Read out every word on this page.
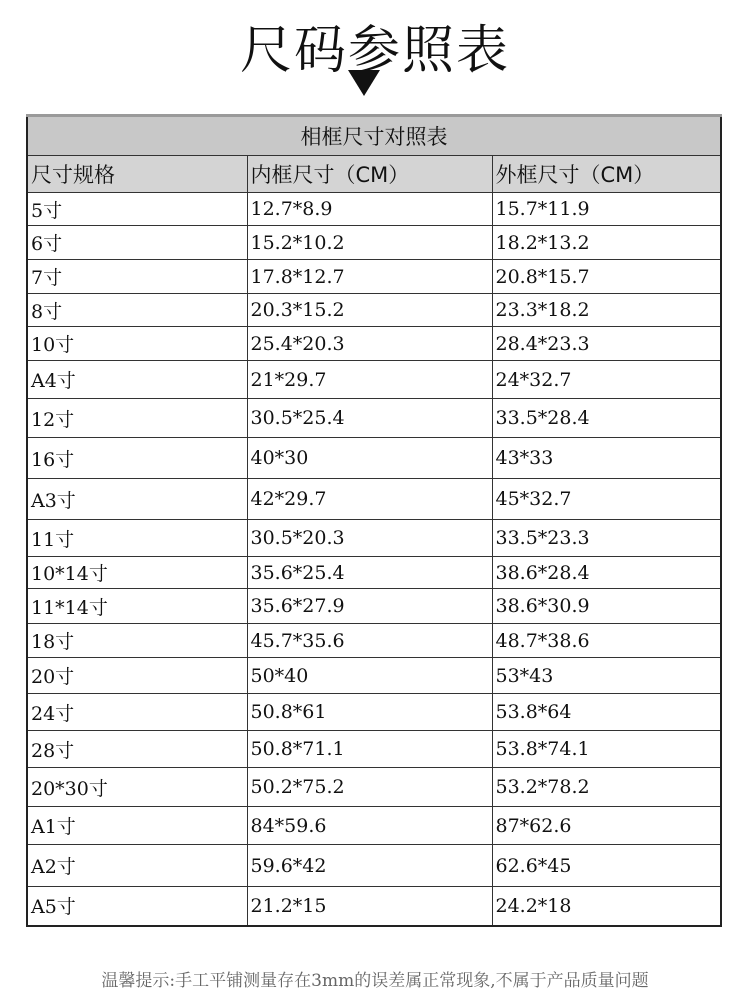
尺码参照表
相框尺寸对照表		
尺寸规格	内框尺寸（CM）	外框尺寸（CM）
5寸	12.7*8.9	15.7*11.9
6寸	15.2*10.2	18.2*13.2
7寸	17.8*12.7	20.8*15.7
8寸	20.3*15.2	23.3*18.2
10寸	25.4*20.3	28.4*23.3
A4寸	21*29.7	24*32.7
12寸	30.5*25.4	33.5*28.4
16寸	40*30	43*33
A3寸	42*29.7	45*32.7
11寸	30.5*20.3	33.5*23.3
10*14寸	35.6*25.4	38.6*28.4
11*14寸	35.6*27.9	38.6*30.9
18寸	45.7*35.6	48.7*38.6
20寸	50*40	53*43
24寸	50.8*61	53.8*64
28寸	50.8*71.1	53.8*74.1
20*30寸	50.2*75.2	53.2*78.2
A1寸	84*59.6	87*62.6
A2寸	59.6*42	62.6*45
A5寸	21.2*15	24.2*18
温馨提示:手工平铺测量存在3mm的误差属正常现象,不属于产品质量问题
